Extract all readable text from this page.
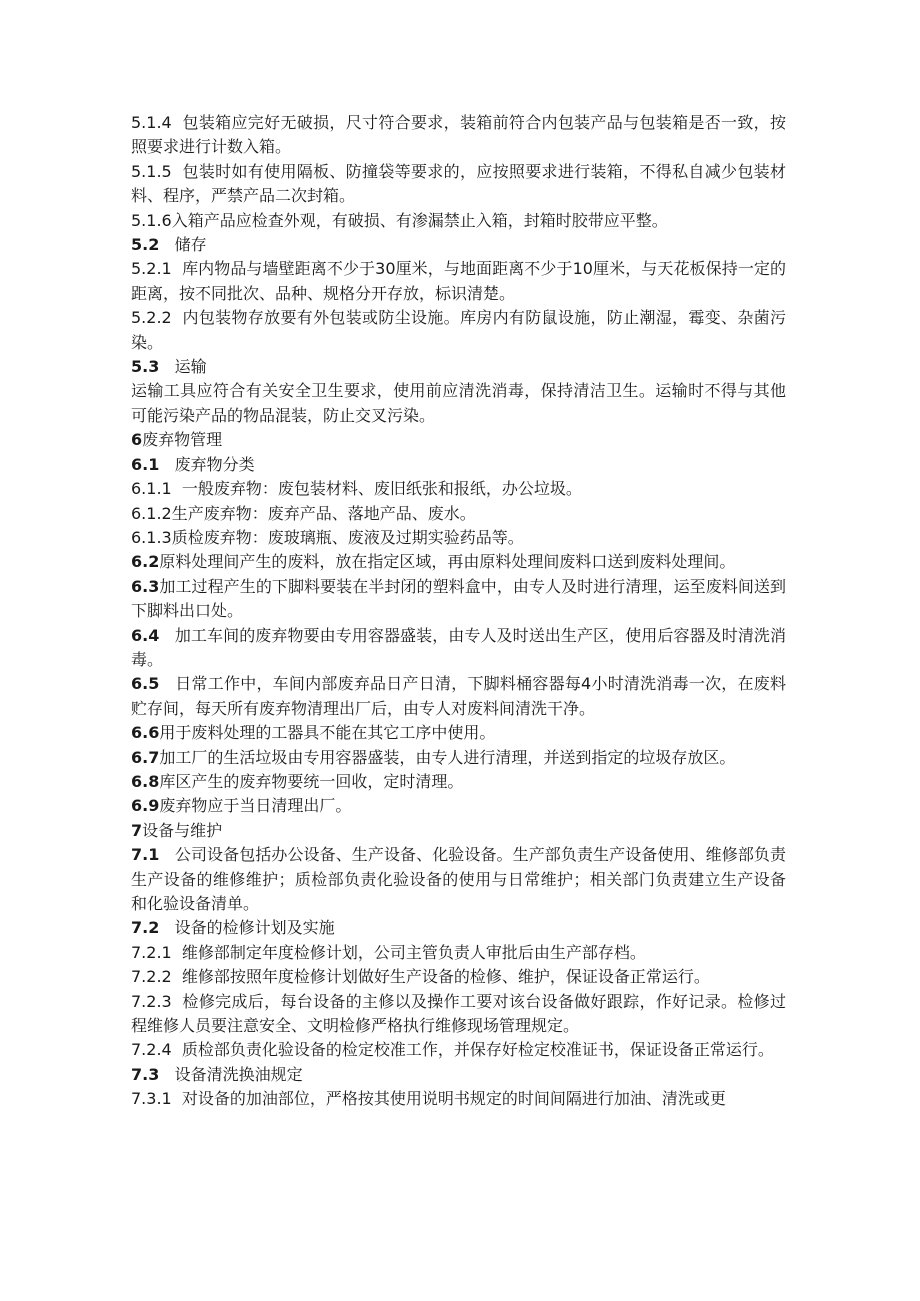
5.1.4 包装箱应完好无破损，尺寸符合要求，装箱前符合内包装产品与包装箱是否一致，按照要求进行计数入箱。

5.1.5 包装时如有使用隔板、防撞袋等要求的，应按照要求进行装箱，不得私自减少包装材料、程序，严禁产品二次封箱。

5.1.6入箱产品应检查外观，有破损、有渗漏禁止入箱，封箱时胶带应平整。

5.2 储存

5.2.1 库内物品与墙壁距离不少于30厘米，与地面距离不少于10厘米，与天花板保持一定的距离，按不同批次、品种、规格分开存放，标识清楚。

5.2.2 内包装物存放要有外包装或防尘设施。库房内有防鼠设施，防止潮湿，霉变、杂菌污染。

5.3 运输

运输工具应符合有关安全卫生要求，使用前应清洗消毒，保持清洁卫生。运输时不得与其他可能污染产品的物品混装，防止交叉污染。

6废弃物管理

6.1 废弃物分类

6.1.1 一般废弃物：废包装材料、废旧纸张和报纸，办公垃圾。

6.1.2生产废弃物：废弃产品、落地产品、废水。

6.1.3质检废弃物：废玻璃瓶、废液及过期实验药品等。

6.2原料处理间产生的废料，放在指定区域，再由原料处理间废料口送到废料处理间。

6.3加工过程产生的下脚料要装在半封闭的塑料盒中，由专人及时进行清理，运至废料间送到下脚料出口处。

6.4 加工车间的废弃物要由专用容器盛装，由专人及时送出生产区，使用后容器及时清洗消毒。

6.5 日常工作中，车间内部废弃品日产日清，下脚料桶容器每4小时清洗消毒一次，在废料贮存间，每天所有废弃物清理出厂后，由专人对废料间清洗干净。

6.6用于废料处理的工器具不能在其它工序中使用。

6.7加工厂的生活垃圾由专用容器盛装，由专人进行清理，并送到指定的垃圾存放区。

6.8库区产生的废弃物要统一回收，定时清理。

6.9废弃物应于当日清理出厂。

7设备与维护

7.1 公司设备包括办公设备、生产设备、化验设备。生产部负责生产设备使用、维修部负责生产设备的维修维护；质检部负责化验设备的使用与日常维护；相关部门负责建立生产设备和化验设备清单。

7.2 设备的检修计划及实施

7.2.1 维修部制定年度检修计划，公司主管负责人审批后由生产部存档。

7.2.2 维修部按照年度检修计划做好生产设备的检修、维护，保证设备正常运行。

7.2.3 检修完成后，每台设备的主修以及操作工要对该台设备做好跟踪，作好记录。检修过程维修人员要注意安全、文明检修严格执行维修现场管理规定。

7.2.4 质检部负责化验设备的检定校准工作，并保存好检定校准证书，保证设备正常运行。

7.3 设备清洗换油规定

7.3.1 对设备的加油部位，严格按其使用说明书规定的时间间隔进行加油、清洗或更
